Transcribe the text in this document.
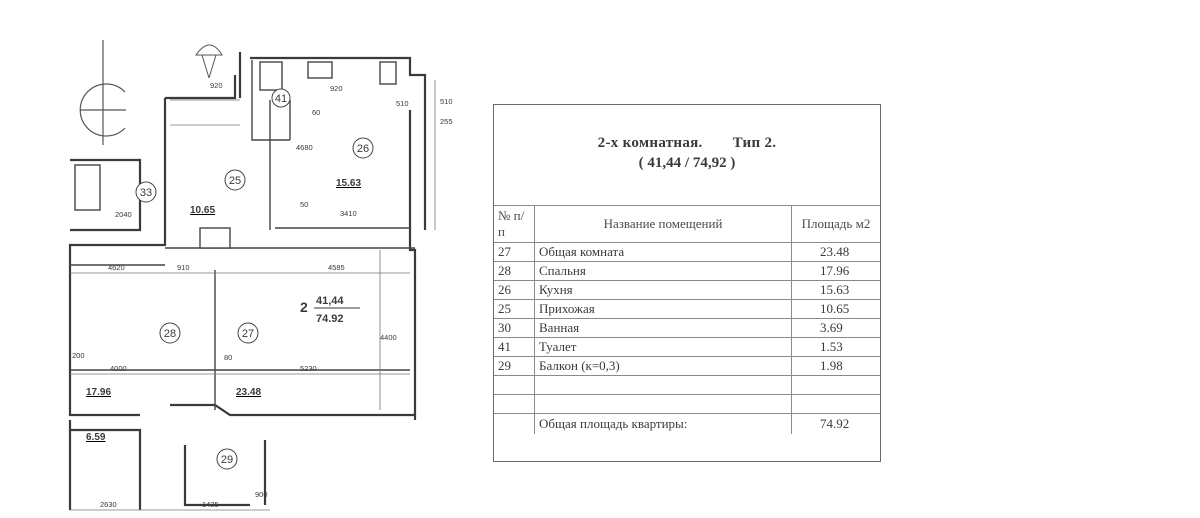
33
25
26
41
28	27
29
10.65
15.63
17.96	23.48
6.59
2 41,44
74.92
920	920
510
255
510
2040	3410
4620	910	4585
4000	5230
200
2630	1435
900
4400
4680
50
60
80
2-х комнатная. Тип 2.
( 41,44 / 74,92 )
№ п/п	Название помещений	Площадь м2
27	Общая комната	23.48
28	Спальня	17.96
26	Кухня	15.63
25	Прихожая	10.65
30	Ванная	3.69
41	Туалет	1.53
29	Балкон (к=0,3)	1.98

	Общая площадь квартиры:	74.92
